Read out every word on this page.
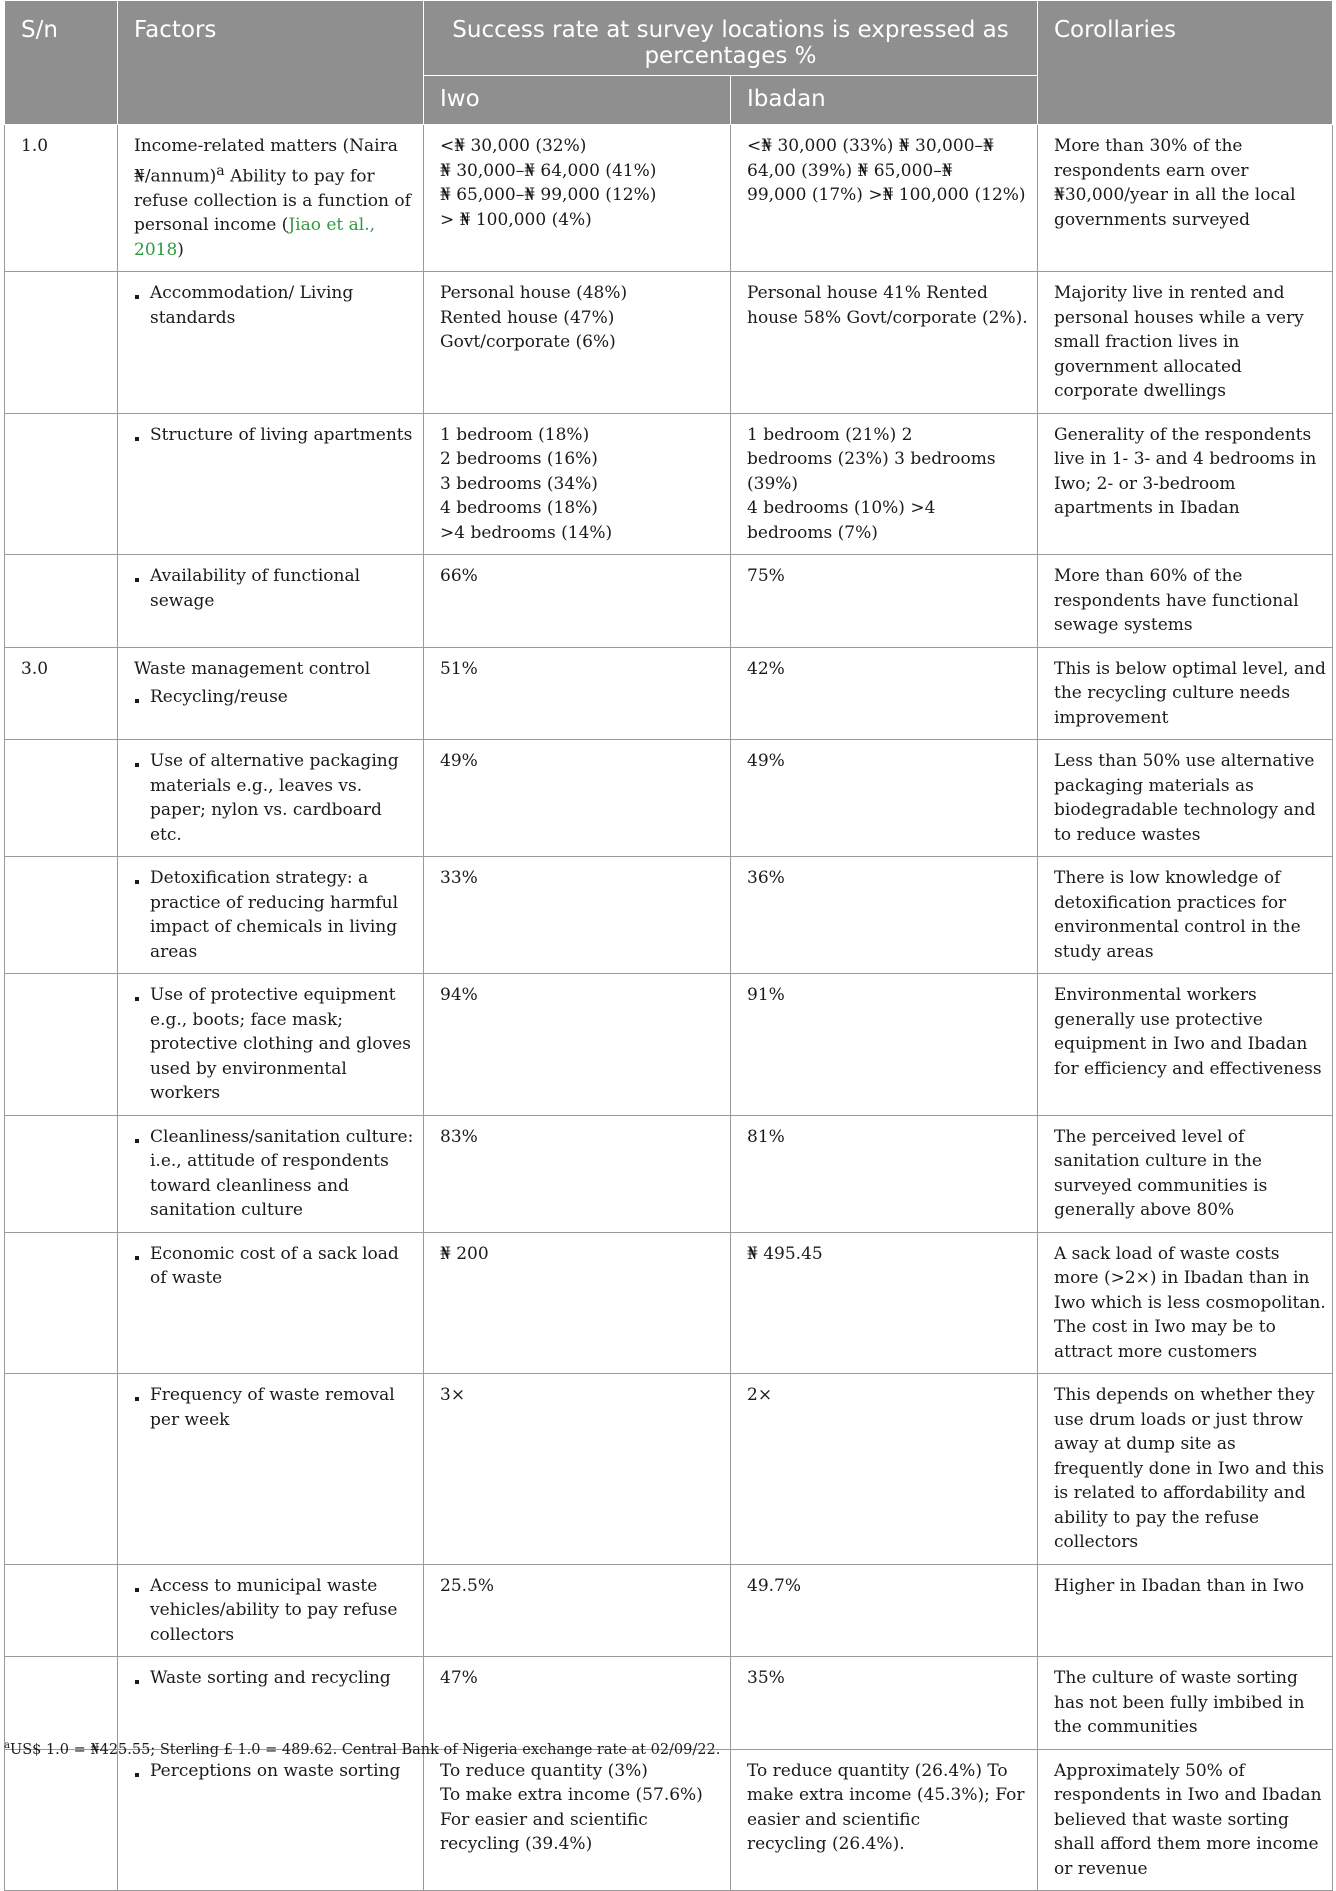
S/n	Factors	Success rate at survey locations is expressed as percentages %		Corollaries
		Iwo	Ibadan	
1.0	Income-related matters (Naira ₦/annum)$^a$ Ability to pay for refuse collection is a function of personal income (Jiao et al., 2018)	<₦ 30,000 (32%)
₦ 30,000–₦ 64,000 (41%)
₦ 65,000–₦ 99,000 (12%)
> ₦ 100,000 (4%)	<₦ 30,000 (33%) ₦ 30,000–₦
64,00 (39%) ₦ 65,000–₦
99,000 (17%) >₦ 100,000 (12%)	More than 30% of the respondents earn over ₦30,000/year in all the local governments surveyed

	Accommodation/ Living standards	Personal house (48%)
Rented house (47%)
Govt/corporate (6%)	Personal house 41% Rented
house 58% Govt/corporate (2%).	Majority live in rented and personal houses while a very small fraction lives in government allocated corporate dwellings

	Structure of living apartments	1 bedroom (18%)
2 bedrooms (16%)
3 bedrooms (34%)
4 bedrooms (18%)
>4 bedrooms (14%)	1 bedroom (21%) 2
bedrooms (23%) 3 bedrooms (39%)
4 bedrooms (10%) >4
bedrooms (7%)	Generality of the respondents live in 1- 3- and 4 bedrooms in Iwo; 2- or 3-bedroom apartments in Ibadan

	Availability of functional sewage	66%	75%	More than 60% of the respondents have functional sewage systems
3.0	Waste management control
Recycling/reuse	51%	42%	This is below optimal level, and the recycling culture needs improvement

	Use of alternative packaging materials e.g., leaves vs. paper; nylon vs. cardboard etc.	49%	49%	Less than 50% use alternative packaging materials as biodegradable technology and to reduce wastes

	Detoxification strategy: a practice of reducing harmful impact of chemicals in living areas	33%	36%	There is low knowledge of detoxification practices for environmental control in the study areas

	Use of protective equipment e.g., boots; face mask; protective clothing and gloves used by environmental workers	94%	91%	Environmental workers generally use protective equipment in Iwo and Ibadan for efficiency and effectiveness

	Cleanliness/sanitation culture: i.e., attitude of respondents toward cleanliness and sanitation culture	83%	81%	The perceived level of sanitation culture in the surveyed communities is generally above 80%

	Economic cost of a sack load of waste	₦ 200	₦ 495.45	A sack load of waste costs more (>2×) in Ibadan than in Iwo which is less cosmopolitan. The cost in Iwo may be to attract more customers

	Frequency of waste removal per week	3×	2×	This depends on whether they use drum loads or just throw away at dump site as frequently done in Iwo and this is related to affordability and ability to pay the refuse collectors

	Access to municipal waste vehicles/ability to pay refuse collectors	25.5%	49.7%	Higher in Ibadan than in Iwo

	Waste sorting and recycling	47%	35%	The culture of waste sorting has not been fully imbibed in the communities

	Perceptions on waste sorting	To reduce quantity (3%)
To make extra income (57.6%)
For easier and scientific recycling (39.4%)	To reduce quantity (26.4%) To
make extra income (45.3%); For
easier and scientific
recycling (26.4%).	Approximately 50% of respondents in Iwo and Ibadan believed that waste sorting shall afford them more income or revenue
$^a$US$ 1.0 = ₦425.55; Sterling £ 1.0 = 489.62. Central Bank of Nigeria exchange rate at 02/09/22.
